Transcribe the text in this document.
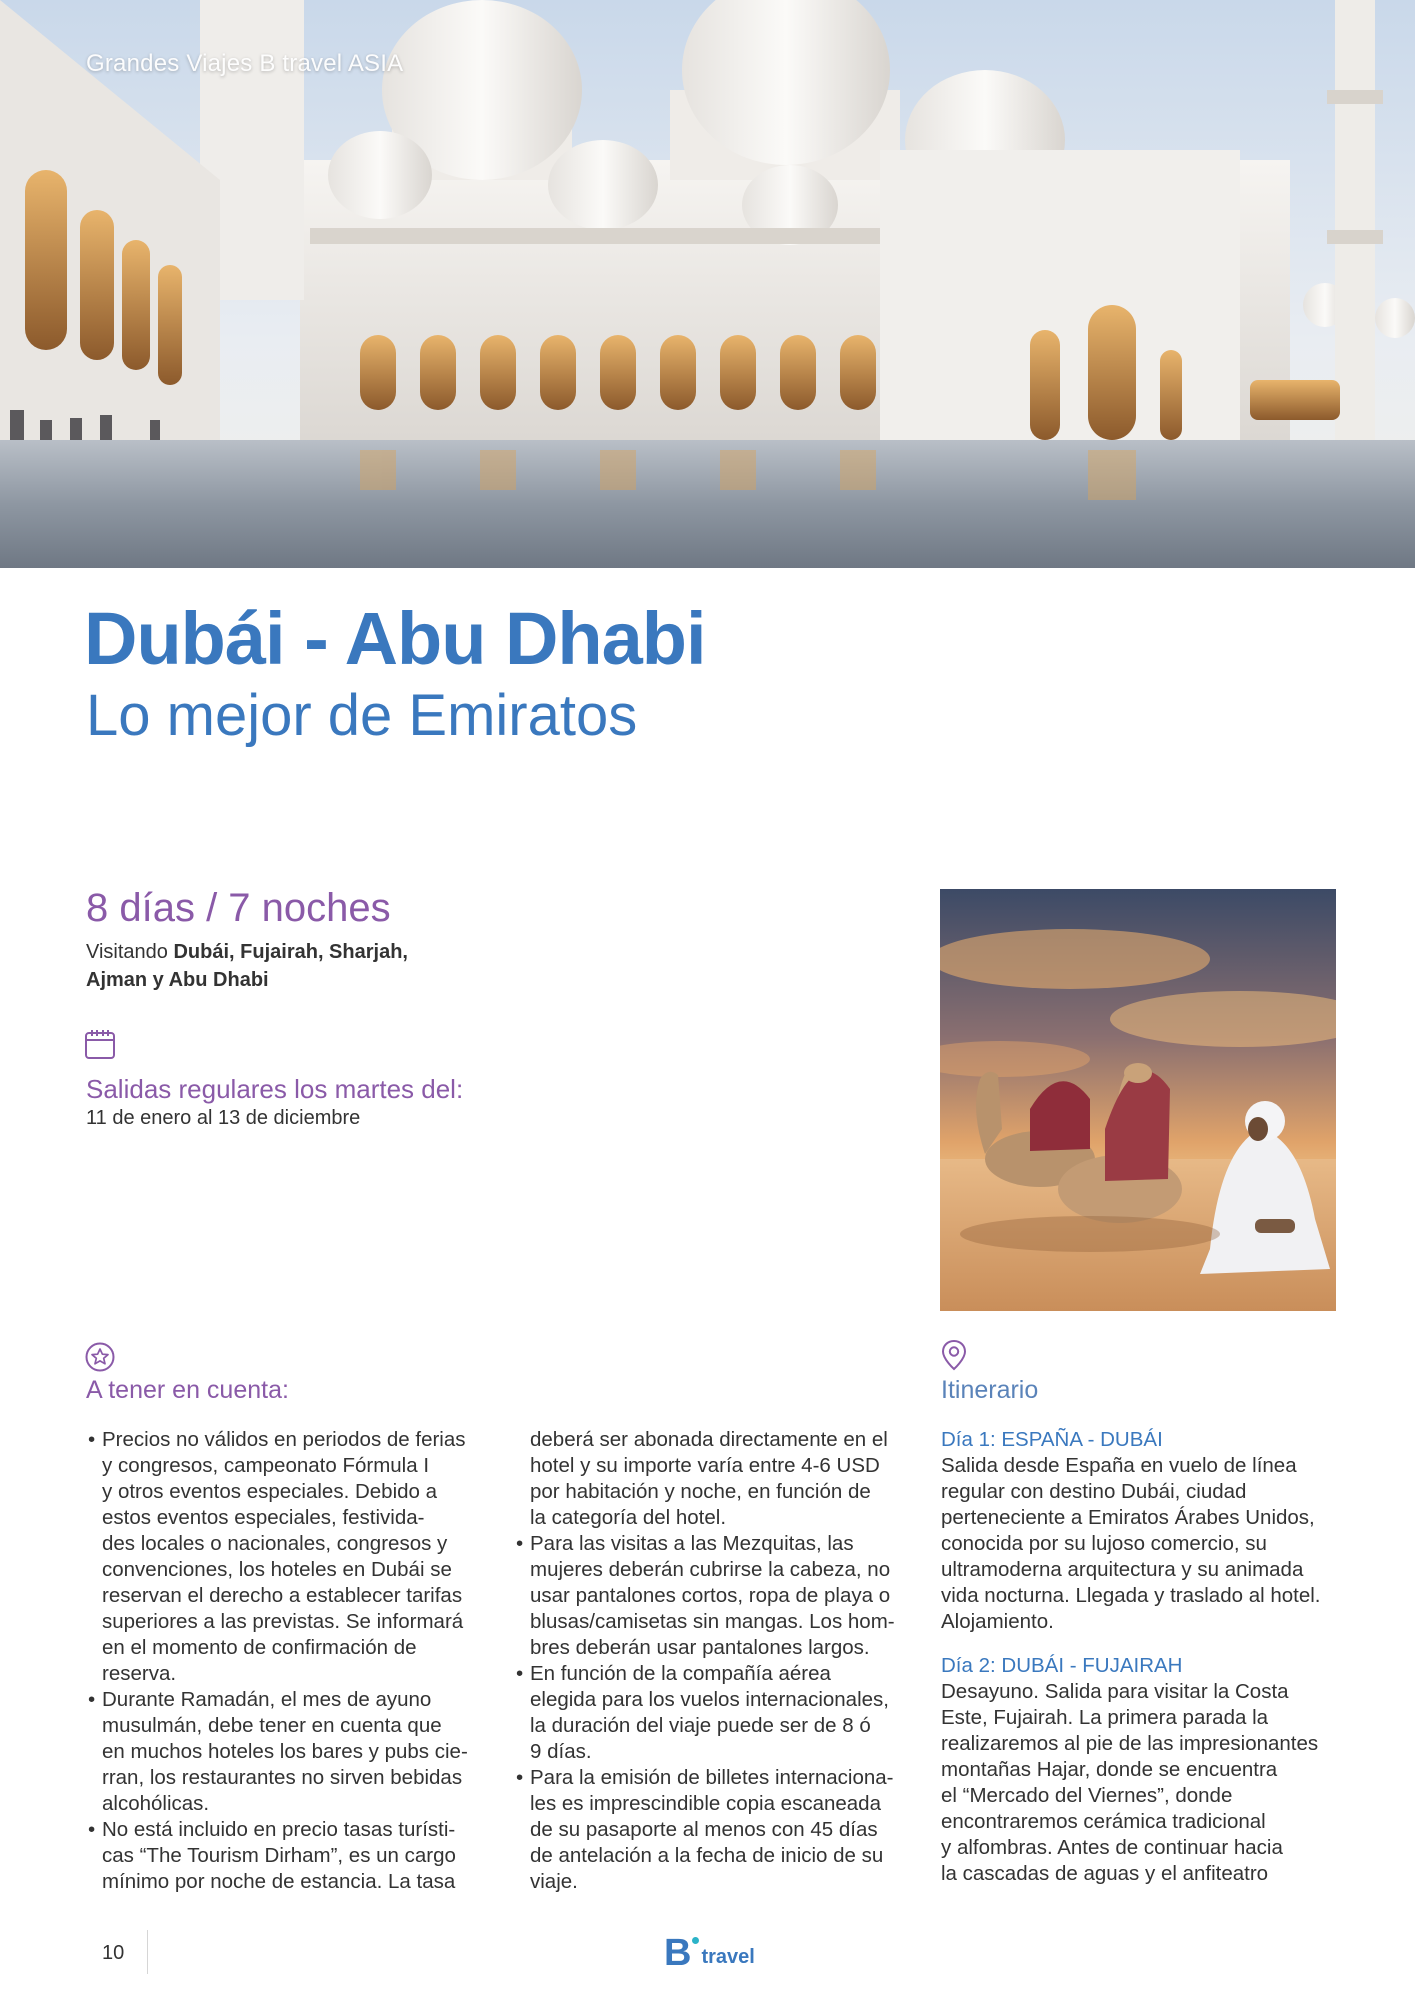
Grandes Viajes B travel ASIA
Dubái - Abu Dhabi
Lo mejor de Emiratos
8 días / 7 noches
Visitando Dubái, Fujairah, Sharjah,
Ajman y Abu Dhabi
Salidas regulares los martes del:
11 de enero al 13 de diciembre
A tener en cuenta:
• Precios no válidos en periodos de ferias
y congresos, campeonato Fórmula I
y otros eventos especiales. Debido a
estos eventos especiales, festivida-
des locales o nacionales, congresos y
convenciones, los hoteles en Dubái se
reservan el derecho a establecer tarifas
superiores a las previstas. Se informará
en el momento de confirmación de
reserva.
• Durante Ramadán, el mes de ayuno
musulmán, debe tener en cuenta que
en muchos hoteles los bares y pubs cie-
rran, los restaurantes no sirven bebidas
alcohólicas.
• No está incluido en precio tasas turísti-
cas “The Tourism Dirham”, es un cargo
mínimo por noche de estancia. La tasa
deberá ser abonada directamente en el
hotel y su importe varía entre 4-6 USD
por habitación y noche, en función de
la categoría del hotel.
• Para las visitas a las Mezquitas, las
mujeres deberán cubrirse la cabeza, no
usar pantalones cortos, ropa de playa o
blusas/camisetas sin mangas. Los hom-
bres deberán usar pantalones largos.
• En función de la compañía aérea
elegida para los vuelos internacionales,
la duración del viaje puede ser de 8 ó
9 días.
• Para la emisión de billetes internaciona-
les es imprescindible copia escaneada
de su pasaporte al menos con 45 días
de antelación a la fecha de inicio de su
viaje.
Itinerario
Día 1: ESPAÑA - DUBÁI
Salida desde España en vuelo de línea
regular con destino Dubái, ciudad
perteneciente a Emiratos Árabes Unidos,
conocida por su lujoso comercio, su
ultramoderna arquitectura y su animada
vida nocturna. Llegada y traslado al hotel.
Alojamiento.
Día 2: DUBÁI - FUJAIRAH
Desayuno. Salida para visitar la Costa
Este, Fujairah. La primera parada la
realizaremos al pie de las impresionantes
montañas Hajar, donde se encuentra
el “Mercado del Viernes”, donde
encontraremos cerámica tradicional
y alfombras. Antes de continuar hacia
la cascadas de aguas y el anfiteatro
10	B travel
